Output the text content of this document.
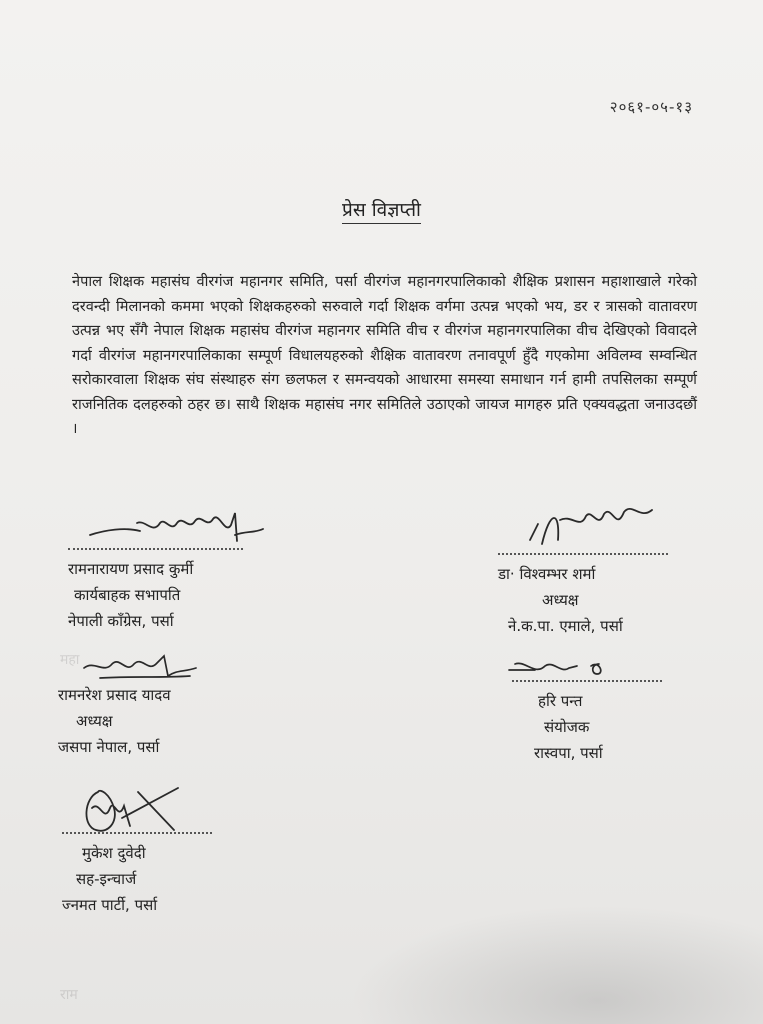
महा
राम
२०६१-०५-१३
प्रेस विज्ञप्ती

नेपाल शिक्षक महासंघ वीरगंज महानगर समिति, पर्सा वीरगंज महानगरपालिकाको शैक्षिक प्रशासन महाशाखाले गरेको दरवन्दी मिलानको कममा भएको शिक्षकहरुको सरुवाले गर्दा शिक्षक वर्गमा उत्पन्न भएको भय, डर र त्रासको वातावरण उत्पन्न भए सँगै नेपाल शिक्षक महासंघ वीरगंज महानगर समिति वीच र वीरगंज महानगरपालिका वीच देखिएको विवादले गर्दा वीरगंज महानगरपालिकाका सम्पूर्ण विधालयहरुको शैक्षिक वातावरण तनावपूर्ण हुँदै गएकोमा अविलम्व सम्वन्धित सरोकारवाला शिक्षक संघ संस्थाहरु संग छलफल र समन्वयको आधारमा समस्या समाधान गर्न हामी तपसिलका सम्पूर्ण राजनितिक दलहरुको ठहर छ। साथै शिक्षक महासंघ नगर समितिले उठाएको जायज मागहरु प्रति एक्यवद्धता जनाउदछौं ।

रामनारायण प्रसाद कुर्मी
कार्यबाहक सभापति
नेपाली काँग्रेस, पर्सा
डा· विश्वम्भर शर्मा
अध्यक्ष
ने.क.पा. एमाले, पर्सा
रामनरेश प्रसाद यादव
अध्यक्ष
जसपा नेपाल, पर्सा
हरि पन्त
संयोजक
रास्वपा, पर्सा
मुकेश दुवेदी
सह-इन्चार्ज
ज्नमत पार्टी, पर्सा
